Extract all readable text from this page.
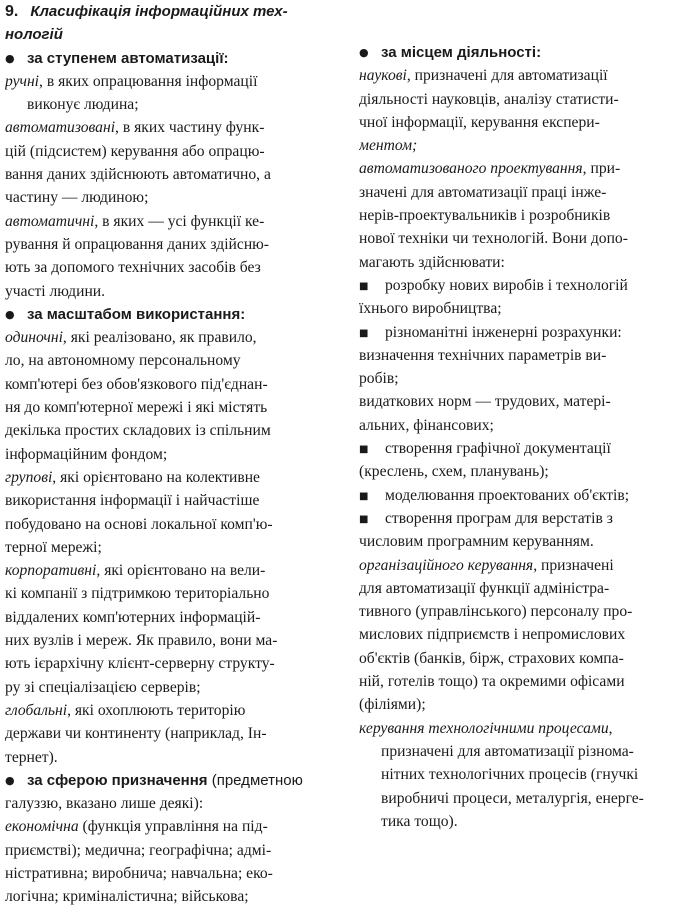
9. Класифікація інформаційних тех-
нологій
● за ступенем автоматизації:
ручні, в яких опрацювання інформації
виконує людина;
автоматизовані, в яких частину функ-
цій (підсистем) керування або опрацю-
вання даних здійснюють автоматично, а
частину — людиною;
автоматичні, в яких — усі функції ке-
рування й опрацювання даних здійсню-
ють за допомого технічних засобів без
участі людини.
● за масштабом використання:
одиночні, які реалізовано, як правило,
ло, на автономному персональному
комп'ютері без обов'язкового під'єднан-
ня до комп'ютерної мережі і які містять
декілька простих складових із спільним
інформаційним фондом;
групові, які орієнтовано на колективне
використання інформації і найчастіше
побудовано на основі локальної комп'ю-
терної мережі;
корпоративні, які орієнтовано на вели-
кі компанії з підтримкою територіально
віддалених комп'ютерних інформацій-
них вузлів і мереж. Як правило, вони ма-
ють ієрархічну клієнт-серверну структу-
ру зі спеціалізацією серверів;
глобальні, які охоплюють територію
держави чи континенту (наприклад, Ін-
тернет).
● за сферою призначення (предметною
галуззю, вказано лише деякі):
економічна (функція управління на під-
приємстві); медична; географічна; адмі-
ністративна; виробнича; навчальна; еко-
логічна; криміналістична; військова;
● за місцем діяльності:
наукові, призначені для автоматизації
діяльності науковців, аналізу статисти-
чної інформації, керування експери-
ментом;
автоматизованого проектування, при-
значені для автоматизації праці інже-
нерів-проектувальників і розробників
нової техніки чи технологій. Вони допо-
магають здійснювати:
■ розробку нових виробів і технологій
їхнього виробництва;
■ різноманітні інженерні розрахунки:
визначення технічних параметрів ви-
робів;
видаткових норм — трудових, матері-
альних, фінансових;
■ створення графічної документації
(креслень, схем, планувань);
■ моделювання проектованих об'єктів;
■ створення програм для верстатів з
числовим програмним керуванням.
організаційного керування, призначені
для автоматизації функції адміністра-
тивного (управлінського) персоналу про-
мислових підприємств і непромислових
об'єктів (банків, бірж, страхових компа-
ній, готелів тощо) та окремими офісами
(філіями);
керування технологічними процесами,
призначені для автоматизації різнома-
нітних технологічних процесів (гнучкі
виробничі процеси, металургія, енерге-
тика тощо).
